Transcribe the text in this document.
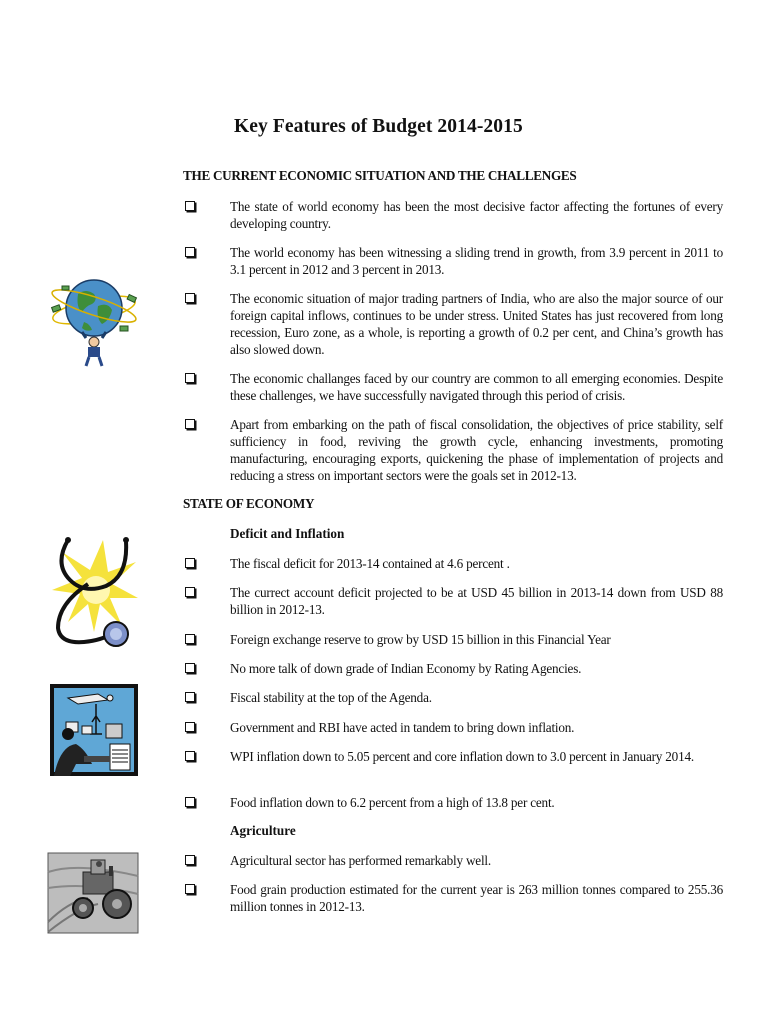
Key Features of Budget 2014-2015
THE CURRENT ECONOMIC SITUATION AND THE CHALLENGES
The state of world economy has been the most decisive factor affecting the fortunes of every developing country.
The world economy has been witnessing a sliding trend in growth, from 3.9 percent in 2011 to 3.1 percent in 2012 and 3 percent in 2013.
The economic situation of major trading partners of India, who are also the major source of our foreign capital inflows, continues to be under stress. United States has just recovered from long recession, Euro zone, as a whole, is reporting a growth of 0.2 per cent, and China’s growth has also slowed down.
The economic challanges faced by our country are common to all emerging economies. Despite these challenges, we have successfully navigated through this period of crisis.
Apart from embarking on the path of fiscal consolidation, the objectives of price stability, self sufficiency in food, reviving the growth cycle, enhancing investments, promoting manufacturing, encouraging exports, quickening the phase of implementation of projects and reducing a stress on important sectors were the goals set in 2012-13.
STATE OF ECONOMY
Deficit and Inflation
The fiscal deficit for 2013-14 contained at 4.6 percent .
The currect account deficit projected to be at USD 45 billion in 2013-14 down from USD 88 billion in 2012-13.
Foreign exchange reserve to grow by USD 15 billion in this Financial Year
No more talk of down grade of Indian Economy by Rating Agencies.
Fiscal stability at the top of the Agenda.
Government and RBI have acted in tandem to bring down inflation.
WPI inflation down to 5.05 percent and core inflation down to 3.0 percent in January 2014.
Food inflation down to 6.2 percent from a high of 13.8 per cent.
Agriculture
Agricultural sector has performed remarkably well.
Food grain production estimated for the current year is 263 million tonnes compared to 255.36 million tonnes in 2012-13.
